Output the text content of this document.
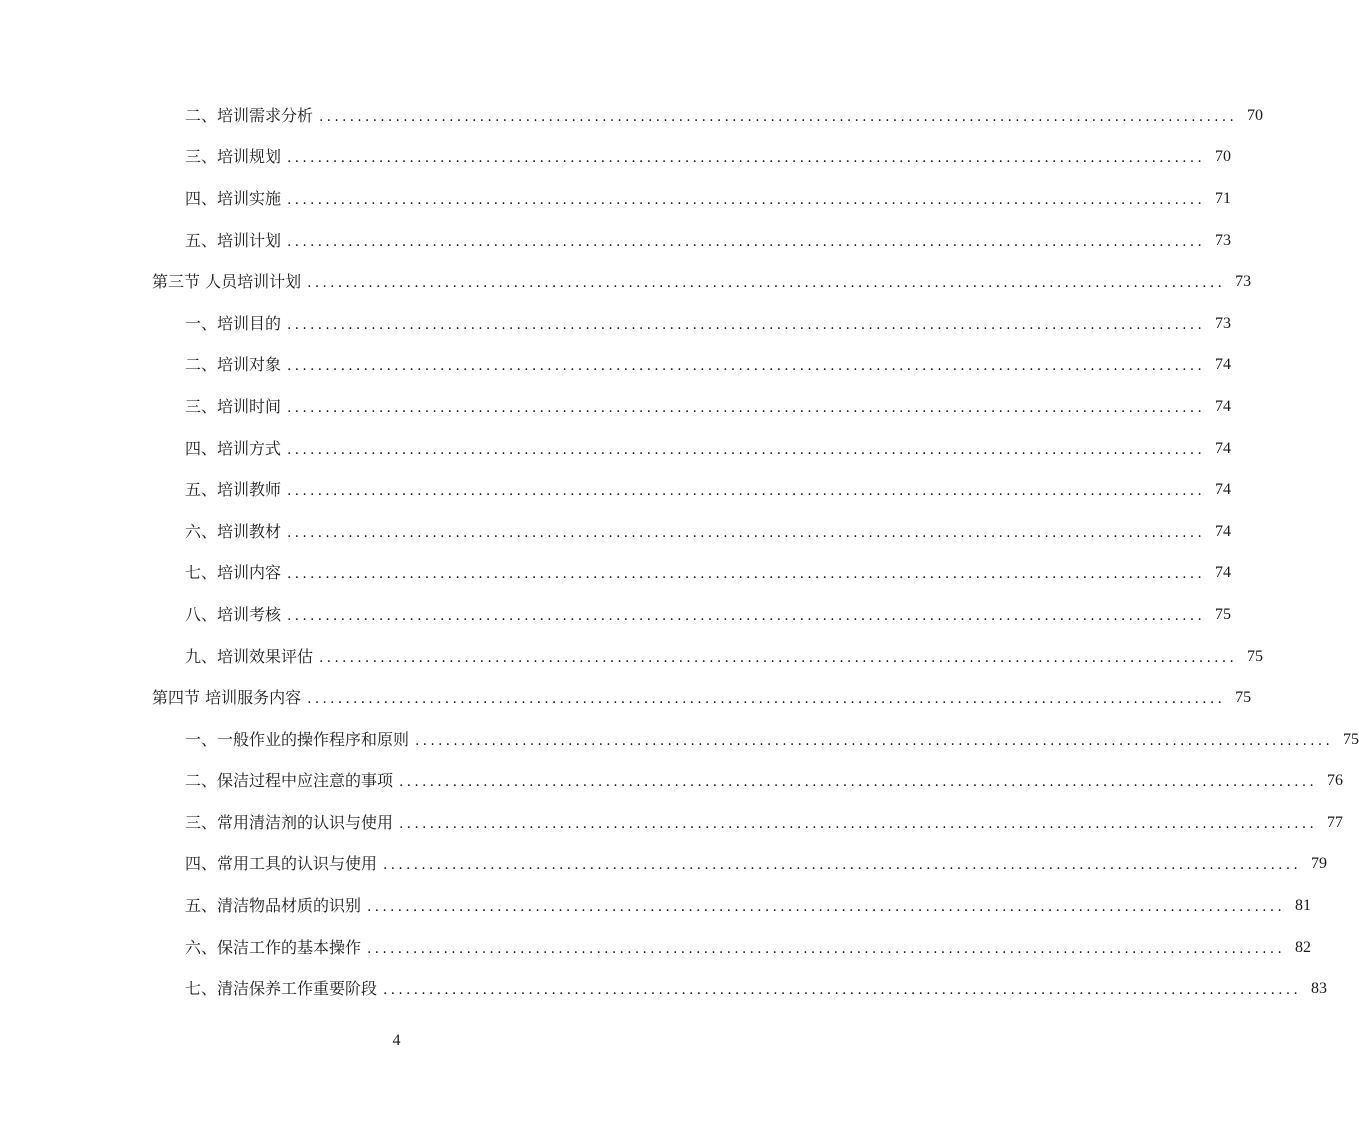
二、培训需求分析 ........................................................................................................................ 70
三、培训规划 ........................................................................................................................ 70
四、培训实施 ........................................................................................................................ 71
五、培训计划 ........................................................................................................................ 73
第三节 人员培训计划 ........................................................................................................................ 73
一、培训目的 ........................................................................................................................ 73
二、培训对象 ........................................................................................................................ 74
三、培训时间 ........................................................................................................................ 74
四、培训方式 ........................................................................................................................ 74
五、培训教师 ........................................................................................................................ 74
六、培训教材 ........................................................................................................................ 74
七、培训内容 ........................................................................................................................ 74
八、培训考核 ........................................................................................................................ 75
九、培训效果评估 ........................................................................................................................ 75
第四节 培训服务内容 ........................................................................................................................ 75
一、一般作业的操作程序和原则 ........................................................................................................................ 75
二、保洁过程中应注意的事项 ........................................................................................................................ 76
三、常用清洁剂的认识与使用 ........................................................................................................................ 77
四、常用工具的认识与使用 ........................................................................................................................ 79
五、清洁物品材质的识别 ........................................................................................................................ 81
六、保洁工作的基本操作 ........................................................................................................................ 82
七、清洁保养工作重要阶段 ........................................................................................................................ 83
4
